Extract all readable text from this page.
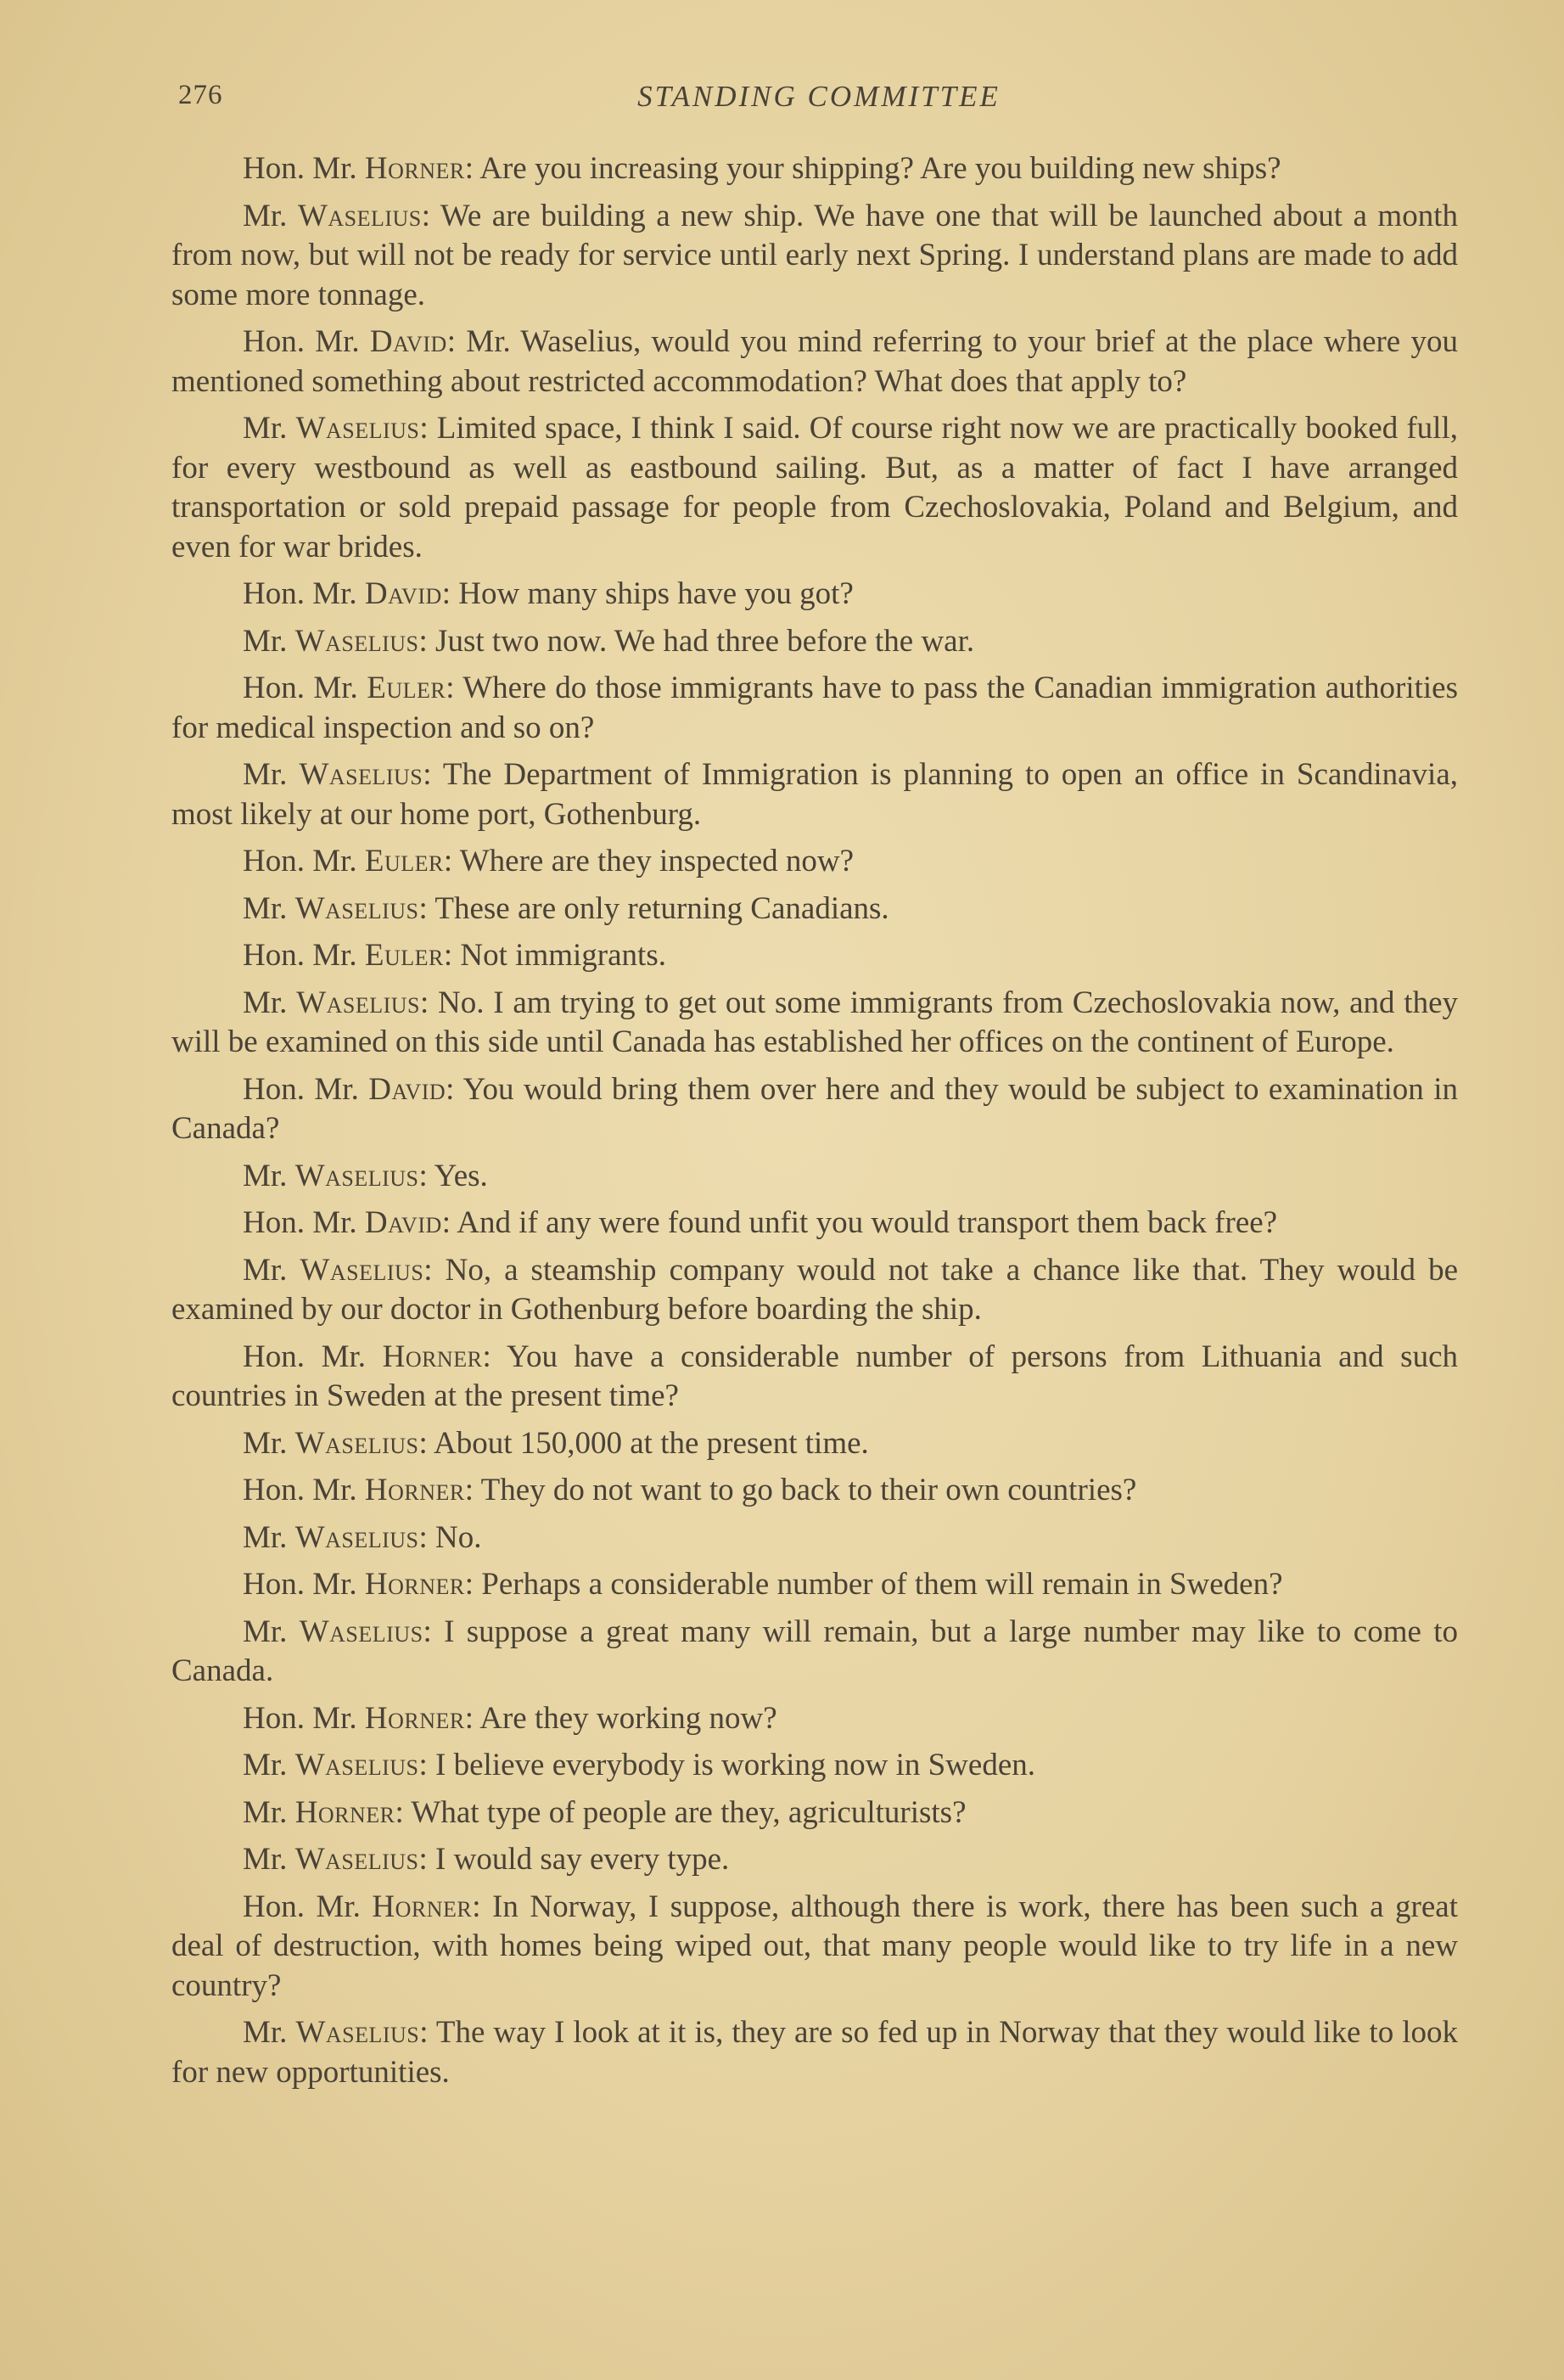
276	STANDING COMMITTEE

Hon. Mr. Horner: Are you increasing your shipping? Are you building new ships?

Mr. Waselius: We are building a new ship. We have one that will be launched about a month from now, but will not be ready for service until early next Spring. I understand plans are made to add some more tonnage.

Hon. Mr. David: Mr. Waselius, would you mind referring to your brief at the place where you mentioned something about restricted accommodation? What does that apply to?

Mr. Waselius: Limited space, I think I said. Of course right now we are practically booked full, for every westbound as well as eastbound sailing. But, as a matter of fact I have arranged transportation or sold prepaid passage for people from Czechoslovakia, Poland and Belgium, and even for war brides.

Hon. Mr. David: How many ships have you got?

Mr. Waselius: Just two now. We had three before the war.

Hon. Mr. Euler: Where do those immigrants have to pass the Canadian immigration authorities for medical inspection and so on?

Mr. Waselius: The Department of Immigration is planning to open an office in Scandinavia, most likely at our home port, Gothenburg.

Hon. Mr. Euler: Where are they inspected now?

Mr. Waselius: These are only returning Canadians.

Hon. Mr. Euler: Not immigrants.

Mr. Waselius: No. I am trying to get out some immigrants from Czechoslovakia now, and they will be examined on this side until Canada has established her offices on the continent of Europe.

Hon. Mr. David: You would bring them over here and they would be subject to examination in Canada?

Mr. Waselius: Yes.

Hon. Mr. David: And if any were found unfit you would transport them back free?

Mr. Waselius: No, a steamship company would not take a chance like that. They would be examined by our doctor in Gothenburg before boarding the ship.

Hon. Mr. Horner: You have a considerable number of persons from Lithuania and such countries in Sweden at the present time?

Mr. Waselius: About 150,000 at the present time.

Hon. Mr. Horner: They do not want to go back to their own countries?

Mr. Waselius: No.

Hon. Mr. Horner: Perhaps a considerable number of them will remain in Sweden?

Mr. Waselius: I suppose a great many will remain, but a large number may like to come to Canada.

Hon. Mr. Horner: Are they working now?

Mr. Waselius: I believe everybody is working now in Sweden.

Mr. Horner: What type of people are they, agriculturists?

Mr. Waselius: I would say every type.

Hon. Mr. Horner: In Norway, I suppose, although there is work, there has been such a great deal of destruction, with homes being wiped out, that many people would like to try life in a new country?

Mr. Waselius: The way I look at it is, they are so fed up in Norway that they would like to look for new opportunities.
